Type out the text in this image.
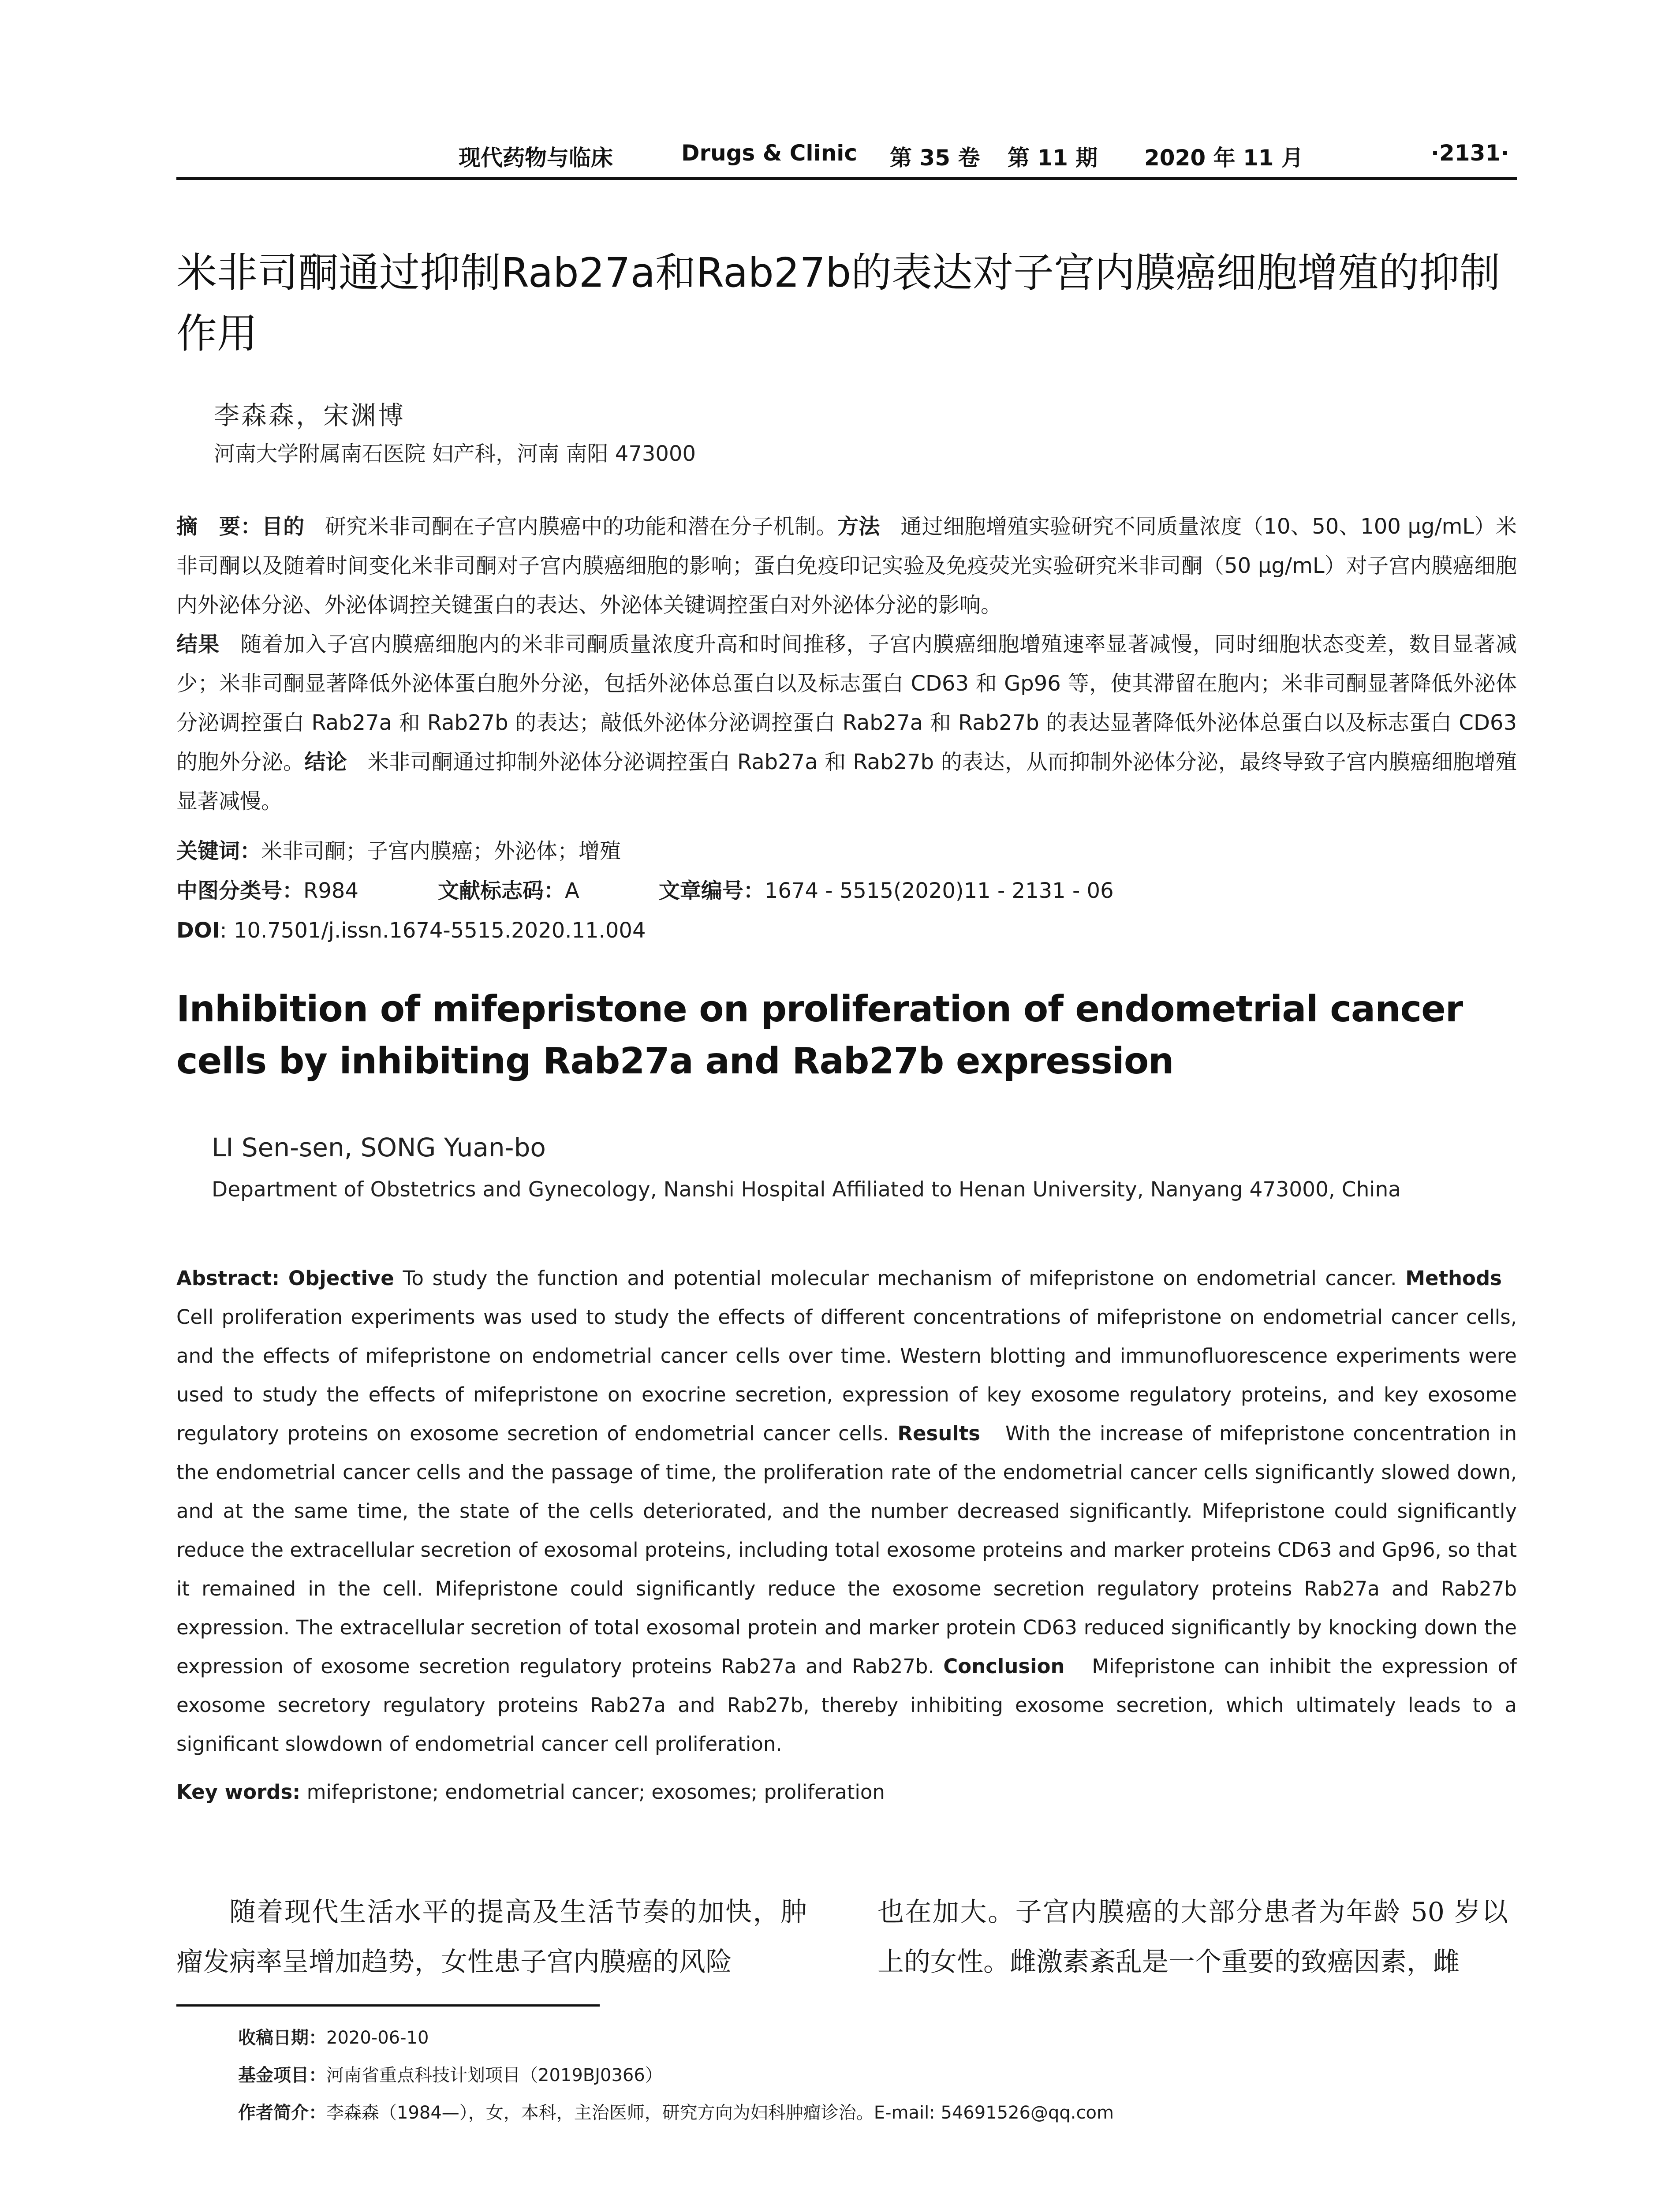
现代药物与临床	Drugs & Clinic 第 35 卷 第 11 期 2020 年 11 月	·2131·
米非司酮通过抑制Rab27a和Rab27b的表达对子宫内膜癌细胞增殖的抑制作用
李森森，宋渊博
河南大学附属南石医院 妇产科，河南 南阳 473000
摘　要：目的 研究米非司酮在子宫内膜癌中的功能和潜在分子机制。方法 通过细胞增殖实验研究不同质量浓度（10、50、100 μg/mL）米非司酮以及随着时间变化米非司酮对子宫内膜癌细胞的影响；蛋白免疫印记实验及免疫荧光实验研究米非司酮（50 μg/mL）对子宫内膜癌细胞内外泌体分泌、外泌体调控关键蛋白的表达、外泌体关键调控蛋白对外泌体分泌的影响。
结果 随着加入子宫内膜癌细胞内的米非司酮质量浓度升高和时间推移，子宫内膜癌细胞增殖速率显著减慢，同时细胞状态变差，数目显著减少；米非司酮显著降低外泌体蛋白胞外分泌，包括外泌体总蛋白以及标志蛋白 CD63 和 Gp96 等，使其滞留在胞内；米非司酮显著降低外泌体分泌调控蛋白 Rab27a 和 Rab27b 的表达；敲低外泌体分泌调控蛋白 Rab27a 和 Rab27b 的表达显著降低外泌体总蛋白以及标志蛋白 CD63 的胞外分泌。结论 米非司酮通过抑制外泌体分泌调控蛋白 Rab27a 和 Rab27b 的表达，从而抑制外泌体分泌，最终导致子宫内膜癌细胞增殖显著减慢。
关键词：米非司酮；子宫内膜癌；外泌体；增殖
中图分类号：R984	文献标志码：A	文章编号：1674 - 5515(2020)11 - 2131 - 06
DOI: 10.7501/j.issn.1674-5515.2020.11.004
Inhibition of mifepristone on proliferation of endometrial cancer cells by inhibiting Rab27a and Rab27b expression
LI Sen-sen, SONG Yuan-bo
Department of Obstetrics and Gynecology, Nanshi Hospital Affiliated to Henan University, Nanyang 473000, China
Abstract: Objective To study the function and potential molecular mechanism of mifepristone on endometrial cancer. Methods   Cell proliferation experiments was used to study the effects of different concentrations of mifepristone on endometrial cancer cells, and the effects of mifepristone on endometrial cancer cells over time. Western blotting and immunofluorescence experiments were used to study the effects of mifepristone on exocrine secretion, expression of key exosome regulatory proteins, and key exosome regulatory proteins on exosome secretion of endometrial cancer cells. Results With the increase of mifepristone concentration in the endometrial cancer cells and the passage of time, the proliferation rate of the endometrial cancer cells significantly slowed down, and at the same time, the state of the cells deteriorated, and the number decreased significantly. Mifepristone could significantly reduce the extracellular secretion of exosomal proteins, including total exosome proteins and marker proteins CD63 and Gp96, so that it remained in the cell. Mifepristone could significantly reduce the exosome secretion regulatory proteins Rab27a and Rab27b expression. The extracellular secretion of total exosomal protein and marker protein CD63 reduced significantly by knocking down the expression of exosome secretion regulatory proteins Rab27a and Rab27b. Conclusion Mifepristone can inhibit the expression of exosome secretory regulatory proteins Rab27a and Rab27b, thereby inhibiting exosome secretion, which ultimately leads to a significant slowdown of endometrial cancer cell proliferation.
Key words: mifepristone; endometrial cancer; exosomes; proliferation
随着现代生活水平的提高及生活节奏的加快，肿瘤发病率呈增加趋势，女性患子宫内膜癌的风险
也在加大。子宫内膜癌的大部分患者为年龄 50 岁以上的女性。雌激素紊乱是一个重要的致癌因素，雌
收稿日期：2020-06-10
基金项目：河南省重点科技计划项目（2019BJ0366）
作者简介：李森森（1984—），女，本科，主治医师，研究方向为妇科肿瘤诊治。E-mail: 54691526@qq.com
